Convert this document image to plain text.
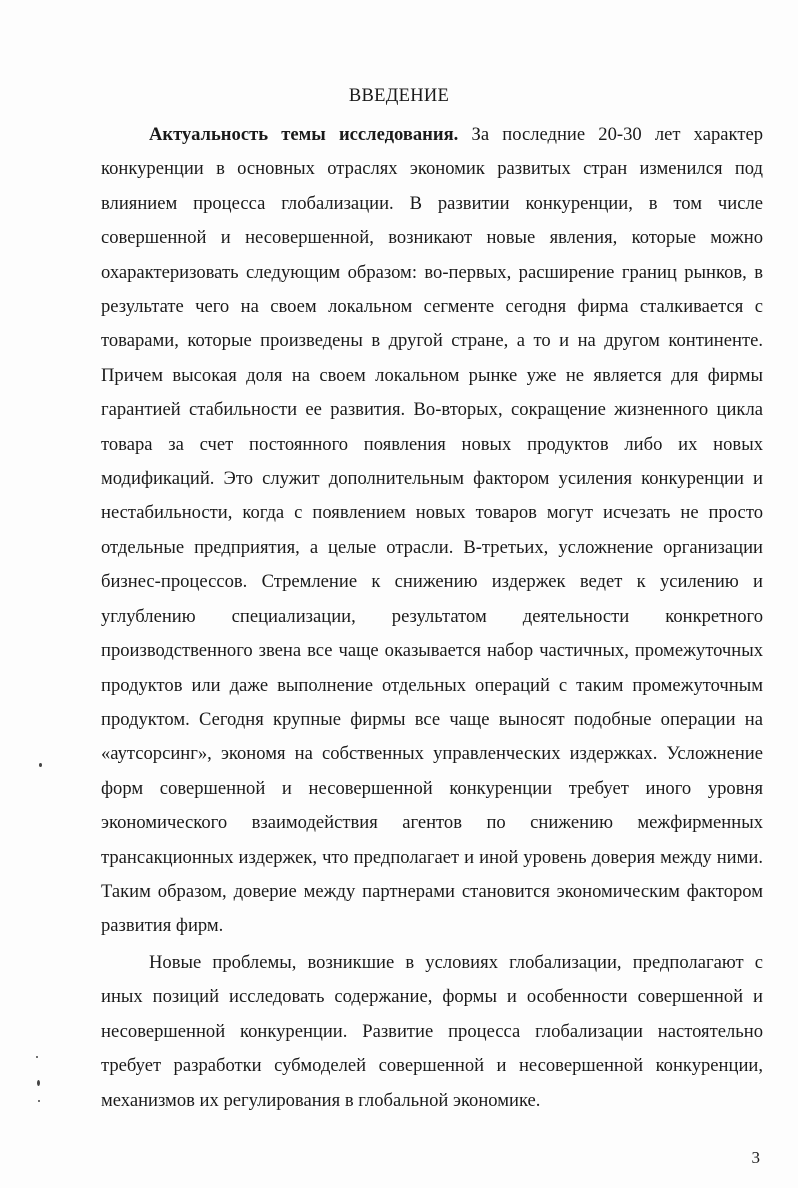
ВВЕДЕНИЕ

Актуальность темы исследования. За последние 20-30 лет характер конкуренции в основных отраслях экономик развитых стран изменился под влиянием процесса глобализации. В развитии конкуренции, в том числе совершенной и несовершенной, возникают новые явления, которые можно охарактеризовать следующим образом: во-первых, расширение границ рынков, в результате чего на своем локальном сегменте сегодня фирма сталкивается с товарами, которые произведены в другой стране, а то и на другом континенте. Причем высокая доля на своем локальном рынке уже не является для фирмы гарантией стабильности ее развития. Во-вторых, сокращение жизненного цикла товара за счет постоянного появления новых продуктов либо их новых модификаций. Это служит дополнительным фактором усиления конкуренции и нестабильности, когда с появлением новых товаров могут исчезать не просто отдельные предприятия, а целые отрасли. В-третьих, усложнение организации бизнес-процессов. Стремление к снижению издержек ведет к усилению и углублению специализации, результатом деятельности конкретного производственного звена все чаще оказывается набор частичных, промежуточных продуктов или даже выполнение отдельных операций с таким промежуточным продуктом. Сегодня крупные фирмы все чаще выносят подобные операции на «аутсорсинг», экономя на собственных управленческих издержках. Усложнение форм совершенной и несовершенной конкуренции требует иного уровня экономического взаимодействия агентов по снижению межфирменных трансакционных издержек, что предполагает и иной уровень доверия между ними. Таким образом, доверие между партнерами становится экономическим фактором развития фирм.

Новые проблемы, возникшие в условиях глобализации, предполагают с иных позиций исследовать содержание, формы и особенности совершенной и несовершенной конкуренции. Развитие процесса глобализации настоятельно требует разработки субмоделей совершенной и несовершенной конкуренции, механизмов их регулирования в глобальной экономике.

3
